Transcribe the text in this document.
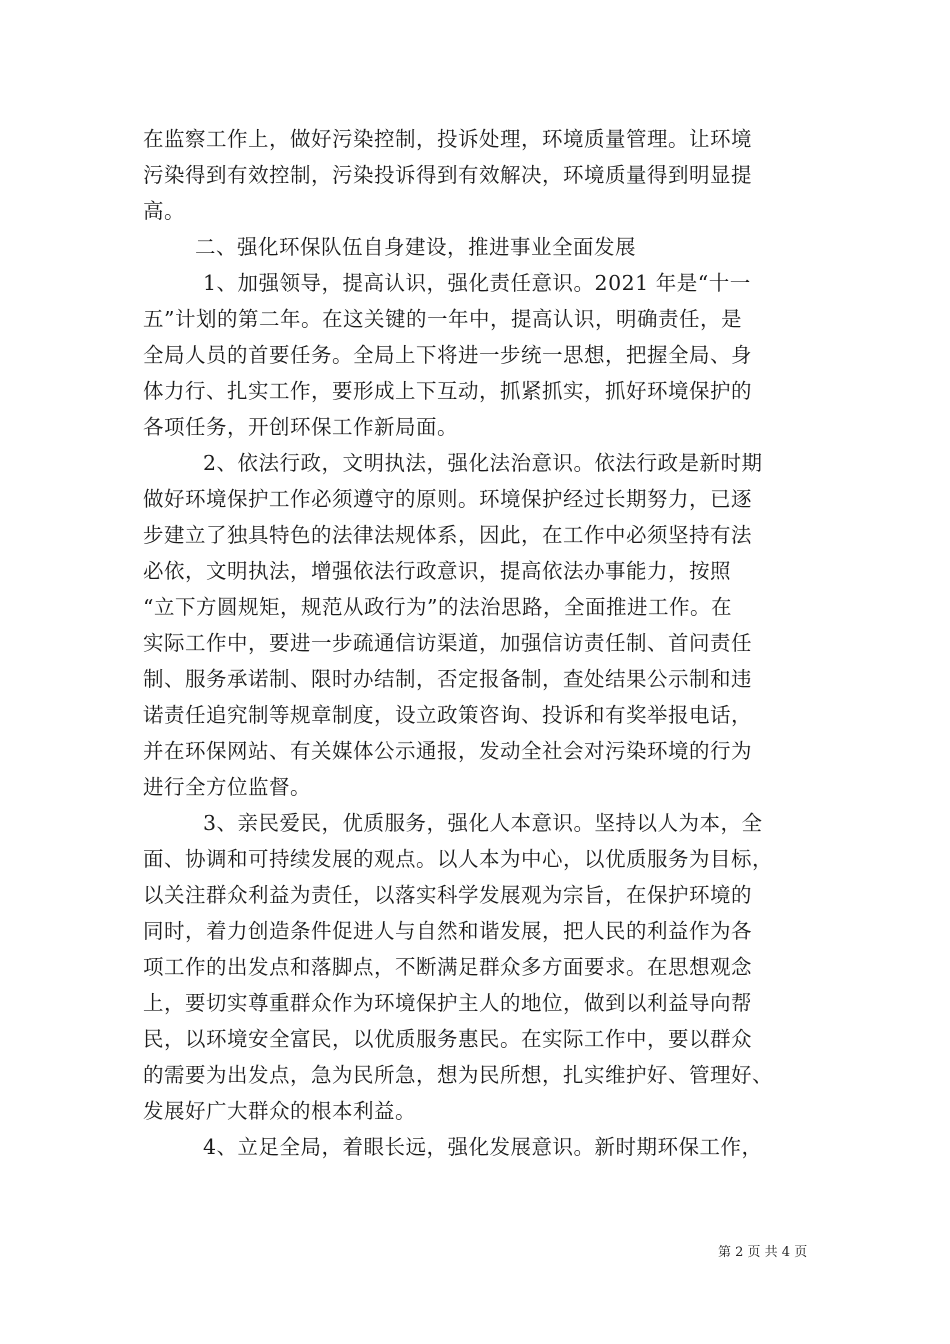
在监察工作上，做好污染控制，投诉处理，环境质量管理。让环境
污染得到有效控制，污染投诉得到有效解决，环境质量得到明显提
高。
二、强化环保队伍自身建设，推进事业全面发展
1、加强领导，提高认识，强化责任意识。2021 年是“十一
五”计划的第二年。在这关键的一年中，提高认识，明确责任，是
全局人员的首要任务。全局上下将进一步统一思想，把握全局、身
体力行、扎实工作，要形成上下互动，抓紧抓实，抓好环境保护的
各项任务，开创环保工作新局面。
2、依法行政，文明执法，强化法治意识。依法行政是新时期
做好环境保护工作必须遵守的原则。环境保护经过长期努力，已逐
步建立了独具特色的法律法规体系，因此，在工作中必须坚持有法
必依，文明执法，增强依法行政意识，提高依法办事能力，按照
“立下方圆规矩，规范从政行为”的法治思路，全面推进工作。在
实际工作中，要进一步疏通信访渠道，加强信访责任制、首问责任
制、服务承诺制、限时办结制，否定报备制，查处结果公示制和违
诺责任追究制等规章制度，设立政策咨询、投诉和有奖举报电话，
并在环保网站、有关媒体公示通报，发动全社会对污染环境的行为
进行全方位监督。
3、亲民爱民，优质服务，强化人本意识。坚持以人为本，全
面、协调和可持续发展的观点。以人本为中心，以优质服务为目标，
以关注群众利益为责任，以落实科学发展观为宗旨，在保护环境的
同时，着力创造条件促进人与自然和谐发展，把人民的利益作为各
项工作的出发点和落脚点，不断满足群众多方面要求。在思想观念
上，要切实尊重群众作为环境保护主人的地位，做到以利益导向帮
民，以环境安全富民，以优质服务惠民。在实际工作中，要以群众
的需要为出发点，急为民所急，想为民所想，扎实维护好、管理好、
发展好广大群众的根本利益。
4、立足全局，着眼长远，强化发展意识。新时期环保工作，
第 2 页 共 4 页
